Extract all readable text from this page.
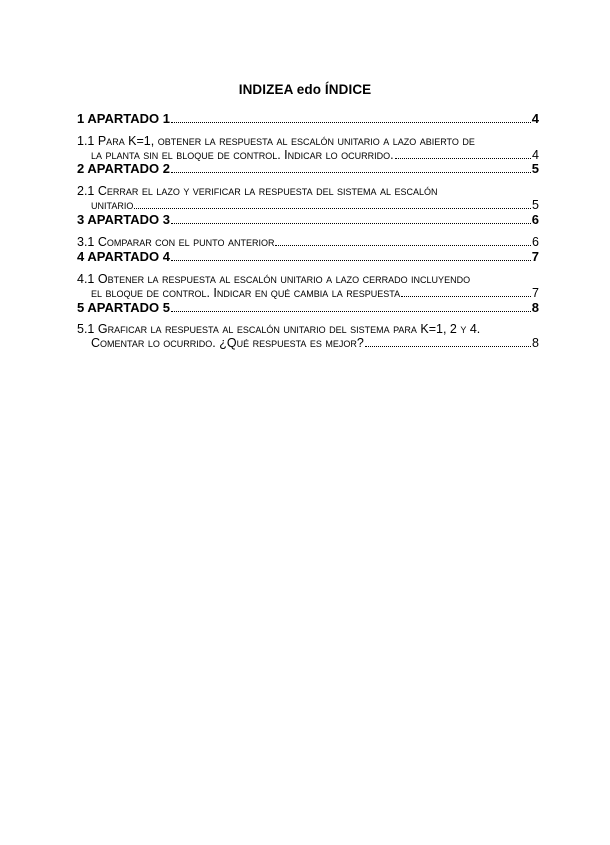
INDIZEA edo ÍNDICE
1 APARTADO 1	4
1.1 Para K=1, obtener la respuesta al escalón unitario a lazo abierto de
la planta sin el bloque de control. Indicar lo ocurrido.	4
2 APARTADO 2	5
2.1 Cerrar el lazo y verificar la respuesta del sistema al escalón
unitario	5
3 APARTADO 3	6
3.1 Comparar con el punto anterior	6
4 APARTADO 4	7
4.1 Obtener la respuesta al escalón unitario a lazo cerrado incluyendo
el bloque de control. Indicar en qué cambia la respuesta	7
5 APARTADO 5	8
5.1 Graficar la respuesta al escalón unitario del sistema para K=1, 2 y 4.
Comentar lo ocurrido. ¿Qué respuesta es mejor?	8
